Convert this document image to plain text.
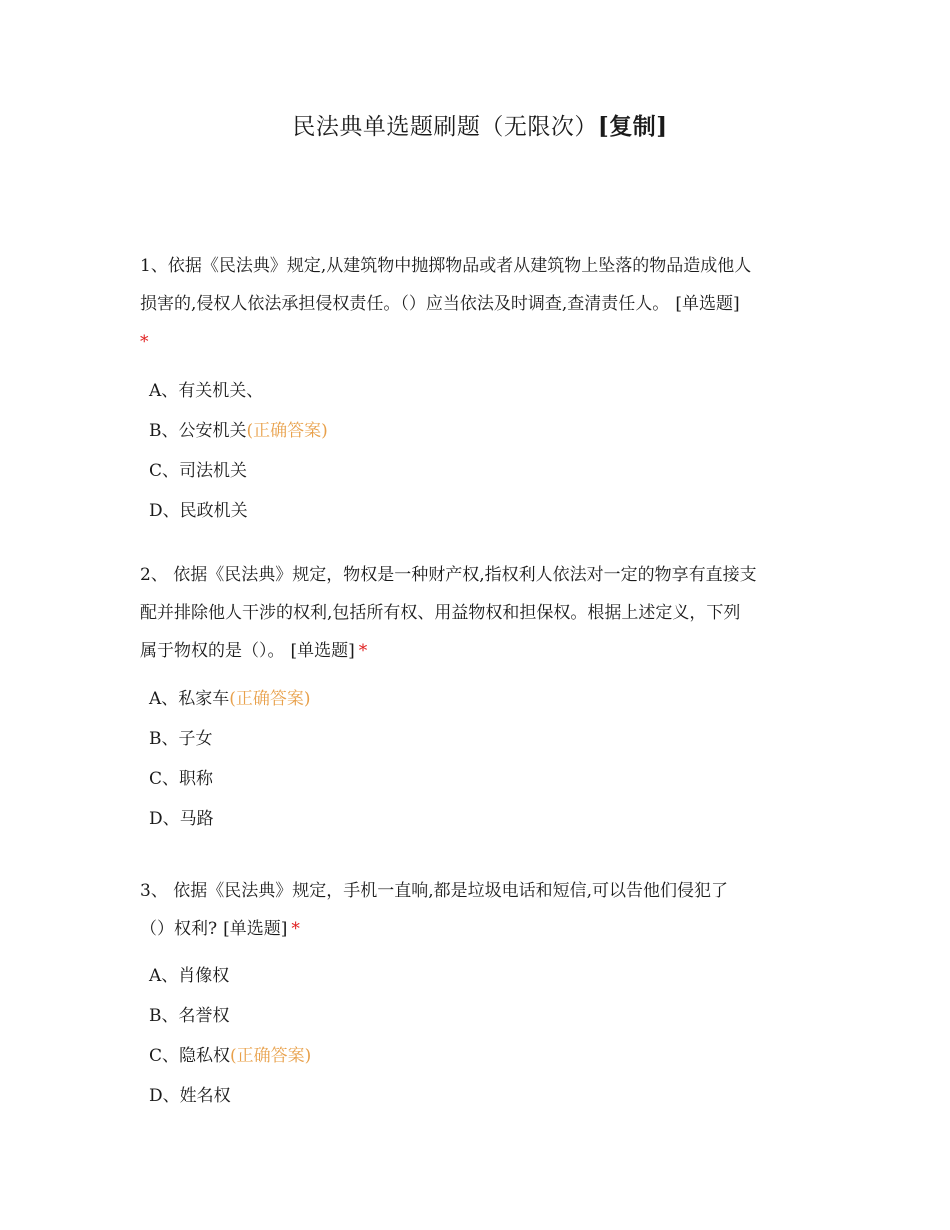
民法典单选题刷题（无限次）[复制]

1、依据《民法典》规定,从建筑物中抛掷物品或者从建筑物上坠落的物品造成他人
损害的,侵权人依法承担侵权责任。（）应当依法及时调查,查清责任人。 [单选题]
*

A、有关机关、
B、公安机关(正确答案)
C、司法机关
D、民政机关

2、 依据《民法典》规定，物权是一种财产权,指权利人依法对一定的物享有直接支
配并排除他人干涉的权利,包括所有权、用益物权和担保权。根据上述定义，下列
属于物权的是（）。 [单选题] *

A、私家车(正确答案)
B、子女
C、职称
D、马路

3、 依据《民法典》规定，手机一直响,都是垃圾电话和短信,可以告他们侵犯了
（）权利? [单选题] *

A、肖像权
B、名誉权
C、隐私权(正确答案)
D、姓名权
